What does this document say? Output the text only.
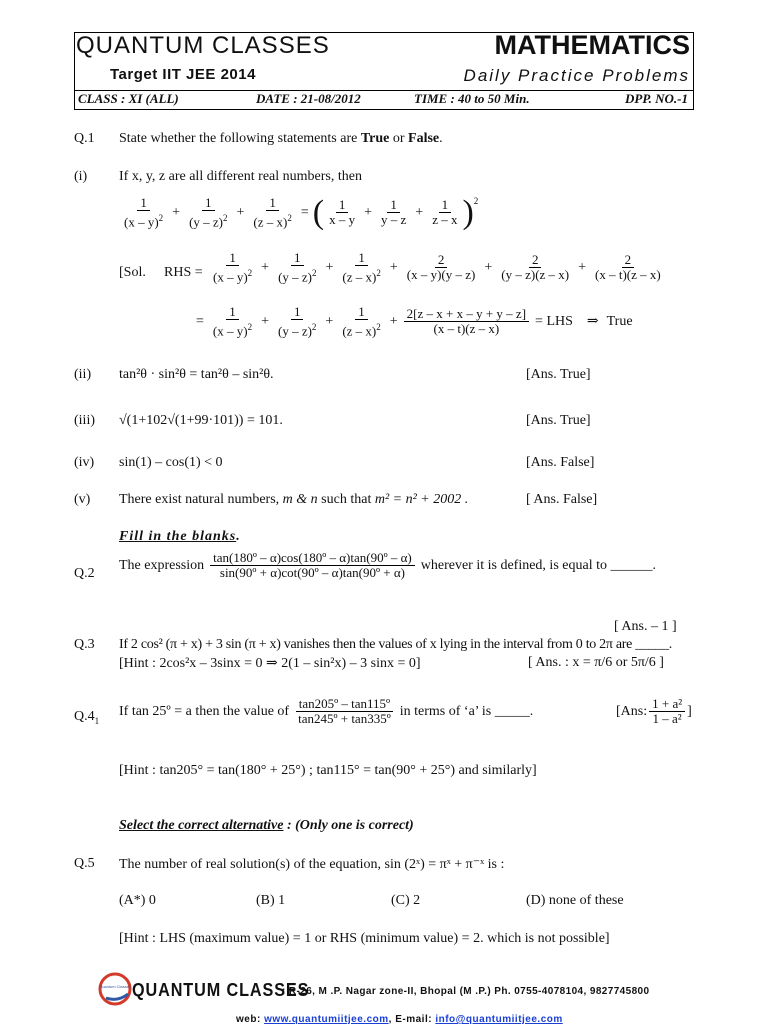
QUANTUM CLASSES	MATHEMATICS
Target IIT JEE 2014	Daily Practice Problems
CLASS : XI (ALL)	DATE : 21-08/2012	TIME : 40 to 50 Min.	DPP. NO.-1
Q.1 State whether the following statements are True or False.
(i) If x, y, z are all different real numbers, then
$\frac{1}{(x - y)^2} + \frac{1}{(y - z)^2} + \frac{1}{(z - x)^2}$ = ( $\frac{1}{x - y} + \frac{1}{y - z} + \frac{1}{z - x} )^2$
[Sol. RHS = $\frac{1}{(x - y)^2} + \frac{1}{(y - z)^2} + \frac{1}{(z - x)^2} + \frac{2}{(x - y)(y - z)} + \frac{2}{(y - z)(z - x)} + \frac{2}{(x - t)(z - x)}$
= $\frac{1}{(x - y)^2} + \frac{1}{(y - z)^2} + \frac{1}{(z - x)^2} + \frac{2[z - x + x - y + y - z]}{(x - t)(z - x)}$ = LHS ⇒ True
(ii) tan²θ · sin²θ = tan²θ – sin²θ.	[Ans. True]
(iii) √(1+102√(1+99·101)) = 101.	[Ans. True]
(iv) sin(1) – cos(1) < 0	[Ans. False]
(v) There exist natural numbers, m & n such that m² = n² + 2002 .	[ Ans. False]
Fill in the blanks.
Q.2
The expression $\frac{\text{tan(180º – α)cos(180º – α)tan(90º – α)}}{\text{sin(90º + α)cot(90º – α)tan(90º + α)}}$ wherever it is defined, is equal to ______.
[ Ans. – 1 ]
Q.3 If 2 cos² (π + x) + 3 sin (π + x) vanishes then the values of x lying in the interval from 0 to 2π are _____.
[Hint : 2cos²x – 3sinx = 0 ⇒ 2(1 – sin²x) – 3 sinx = 0]	[ Ans. : x = π/6 or 5π/6 ]
$Q.4_1$
If tan 25º = a then the value of $\frac{\text{tan205º – tan115º}}{\text{tan245º + tan335º}}$ in terms of ‘a’ is _____.	[Ans: $\frac{\text{1 + a²}}{\text{1 – a²}}$ ]
[Hint : tan205° = tan(180° + 25°) ; tan115° = tan(90° + 25°) and similarly]
Select the correct alternative : (Only one is correct)
Q.5 The number of real solution(s) of the equation, sin (2ˣ) = πˣ + π⁻ˣ is :
(A*) 0	(B) 1	(C) 2	(D) none of these
[Hint : LHS (maximum value) = 1 or RHS (minimum value) = 2. which is not possible]
Quantum Classes QUANTUM CLASSES
: R-26, M .P. Nagar zone-II, Bhopal (M .P.) Ph. 0755-4078104, 9827745800
web: www.quantumiitjee.com, E-mail: info@quantumiitjee.com
